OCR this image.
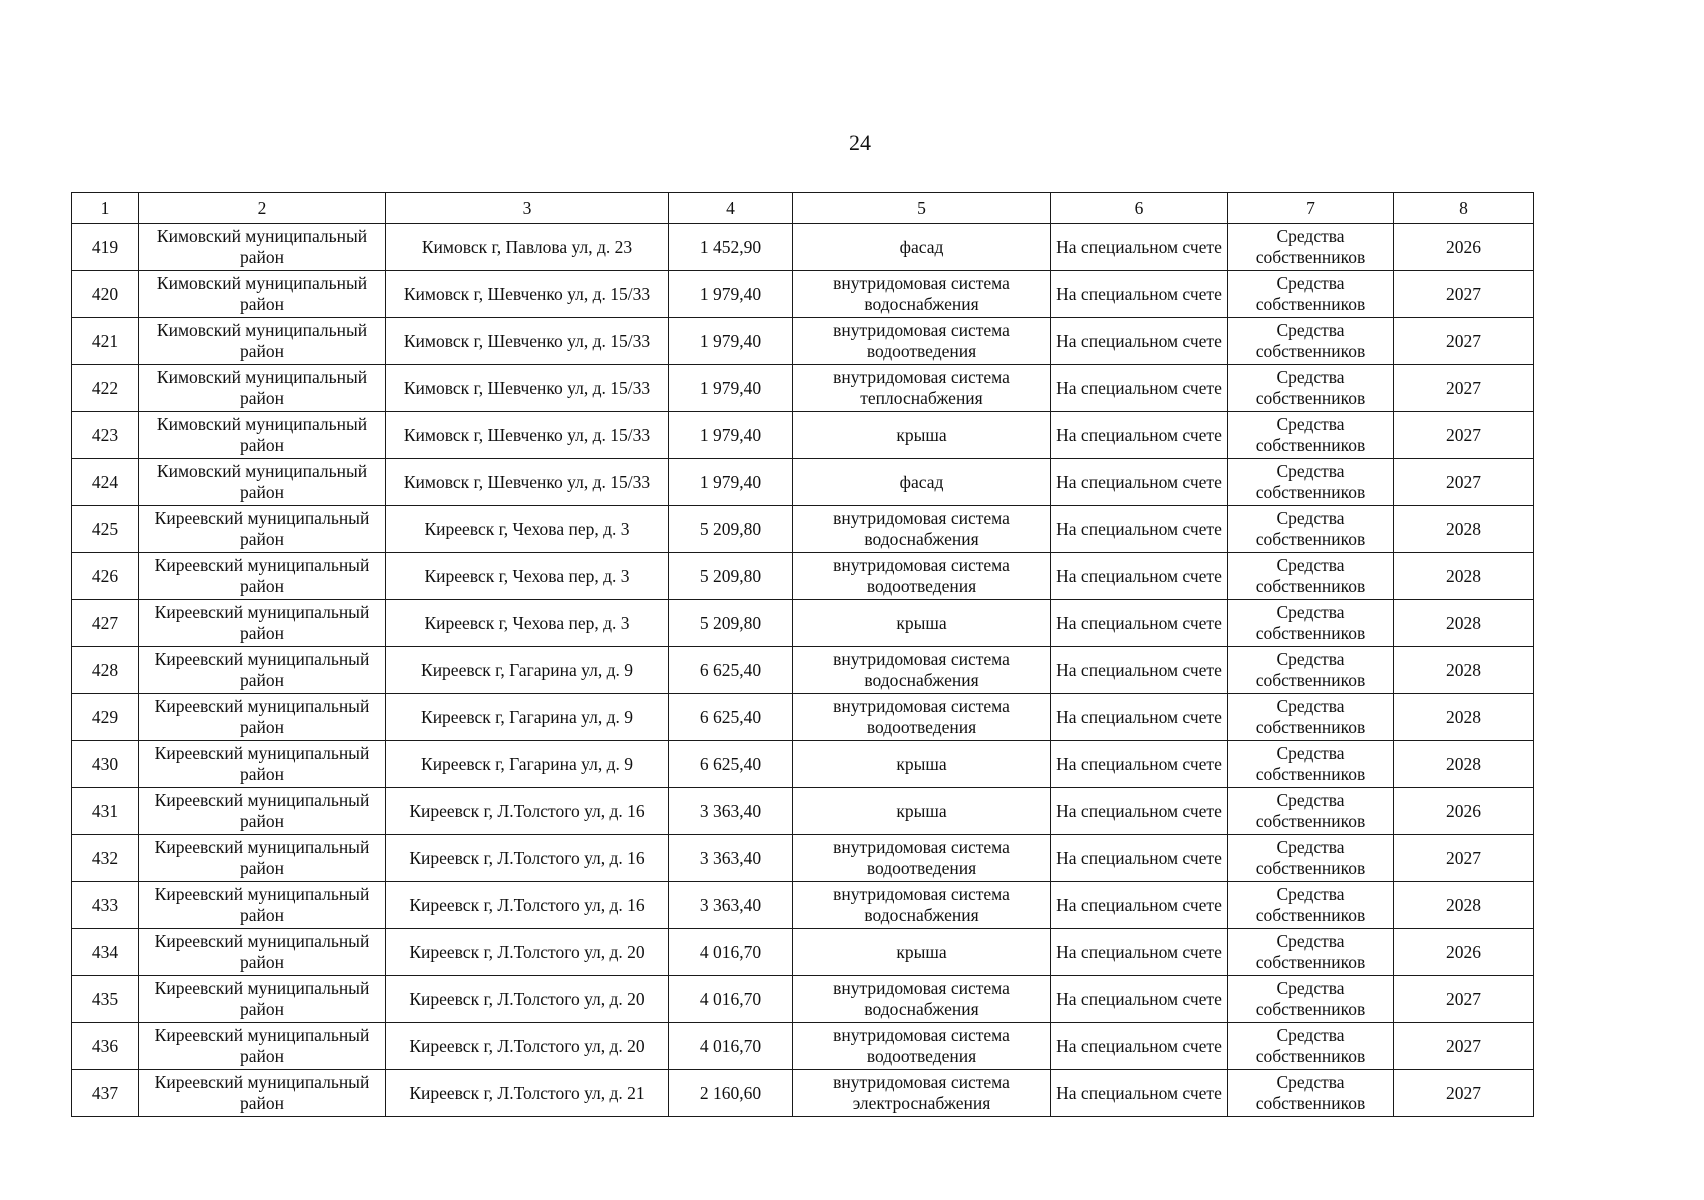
24
1	2	3	4	5	6	7	8
419	Кимовский муниципальный район	Кимовск г, Павлова ул, д. 23	1 452,90	фасад	На специальном счете	Средства собственников	2026
420	Кимовский муниципальный район	Кимовск г, Шевченко ул, д. 15/33	1 979,40	внутридомовая система водоснабжения	На специальном счете	Средства собственников	2027
421	Кимовский муниципальный район	Кимовск г, Шевченко ул, д. 15/33	1 979,40	внутридомовая система водоотведения	На специальном счете	Средства собственников	2027
422	Кимовский муниципальный район	Кимовск г, Шевченко ул, д. 15/33	1 979,40	внутридомовая система теплоснабжения	На специальном счете	Средства собственников	2027
423	Кимовский муниципальный район	Кимовск г, Шевченко ул, д. 15/33	1 979,40	крыша	На специальном счете	Средства собственников	2027
424	Кимовский муниципальный район	Кимовск г, Шевченко ул, д. 15/33	1 979,40	фасад	На специальном счете	Средства собственников	2027
425	Киреевский муниципальный район	Киреевск г, Чехова пер, д. 3	5 209,80	внутридомовая система водоснабжения	На специальном счете	Средства собственников	2028
426	Киреевский муниципальный район	Киреевск г, Чехова пер, д. 3	5 209,80	внутридомовая система водоотведения	На специальном счете	Средства собственников	2028
427	Киреевский муниципальный район	Киреевск г, Чехова пер, д. 3	5 209,80	крыша	На специальном счете	Средства собственников	2028
428	Киреевский муниципальный район	Киреевск г, Гагарина ул, д. 9	6 625,40	внутридомовая система водоснабжения	На специальном счете	Средства собственников	2028
429	Киреевский муниципальный район	Киреевск г, Гагарина ул, д. 9	6 625,40	внутридомовая система водоотведения	На специальном счете	Средства собственников	2028
430	Киреевский муниципальный район	Киреевск г, Гагарина ул, д. 9	6 625,40	крыша	На специальном счете	Средства собственников	2028
431	Киреевский муниципальный район	Киреевск г, Л.Толстого ул, д. 16	3 363,40	крыша	На специальном счете	Средства собственников	2026
432	Киреевский муниципальный район	Киреевск г, Л.Толстого ул, д. 16	3 363,40	внутридомовая система водоотведения	На специальном счете	Средства собственников	2027
433	Киреевский муниципальный район	Киреевск г, Л.Толстого ул, д. 16	3 363,40	внутридомовая система водоснабжения	На специальном счете	Средства собственников	2028
434	Киреевский муниципальный район	Киреевск г, Л.Толстого ул, д. 20	4 016,70	крыша	На специальном счете	Средства собственников	2026
435	Киреевский муниципальный район	Киреевск г, Л.Толстого ул, д. 20	4 016,70	внутридомовая система водоснабжения	На специальном счете	Средства собственников	2027
436	Киреевский муниципальный район	Киреевск г, Л.Толстого ул, д. 20	4 016,70	внутридомовая система водоотведения	На специальном счете	Средства собственников	2027
437	Киреевский муниципальный район	Киреевск г, Л.Толстого ул, д. 21	2 160,60	внутридомовая система электроснабжения	На специальном счете	Средства собственников	2027
